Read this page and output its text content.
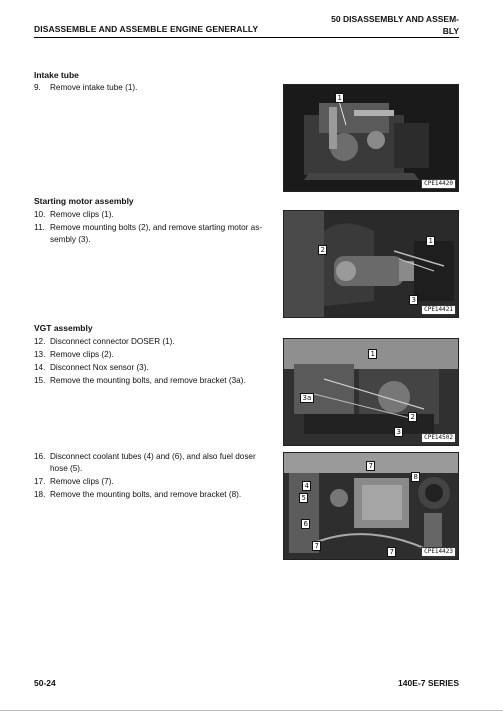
DISASSEMBLE AND ASSEMBLE ENGINE GENERALLY
50 DISASSEMBLY AND ASSEM-
BLY
Intake tube
9. Remove intake tube (1).
1
CPE14420
Starting motor assembly
10. Remove clips (1).
11. Remove mounting bolts (2), and remove starting motor as-sembly (3).	1
2
3
CPE14421
VGT assembly
12. Disconnect connector DOSER (1).
13. Remove clips (2).
14. Disconnect Nox sensor (3).
15. Remove the mounting bolts, and remove bracket (3a).
1
3a
2
3
CPE14502
16. Disconnect coolant tubes (4) and (6), and also fuel doser hose (5).
17. Remove clips (7).
18. Remove the mounting bolts, and remove bracket (8).
7
4
8
5
6
7
7	CPE14423
50-24	140E-7 SERIES
